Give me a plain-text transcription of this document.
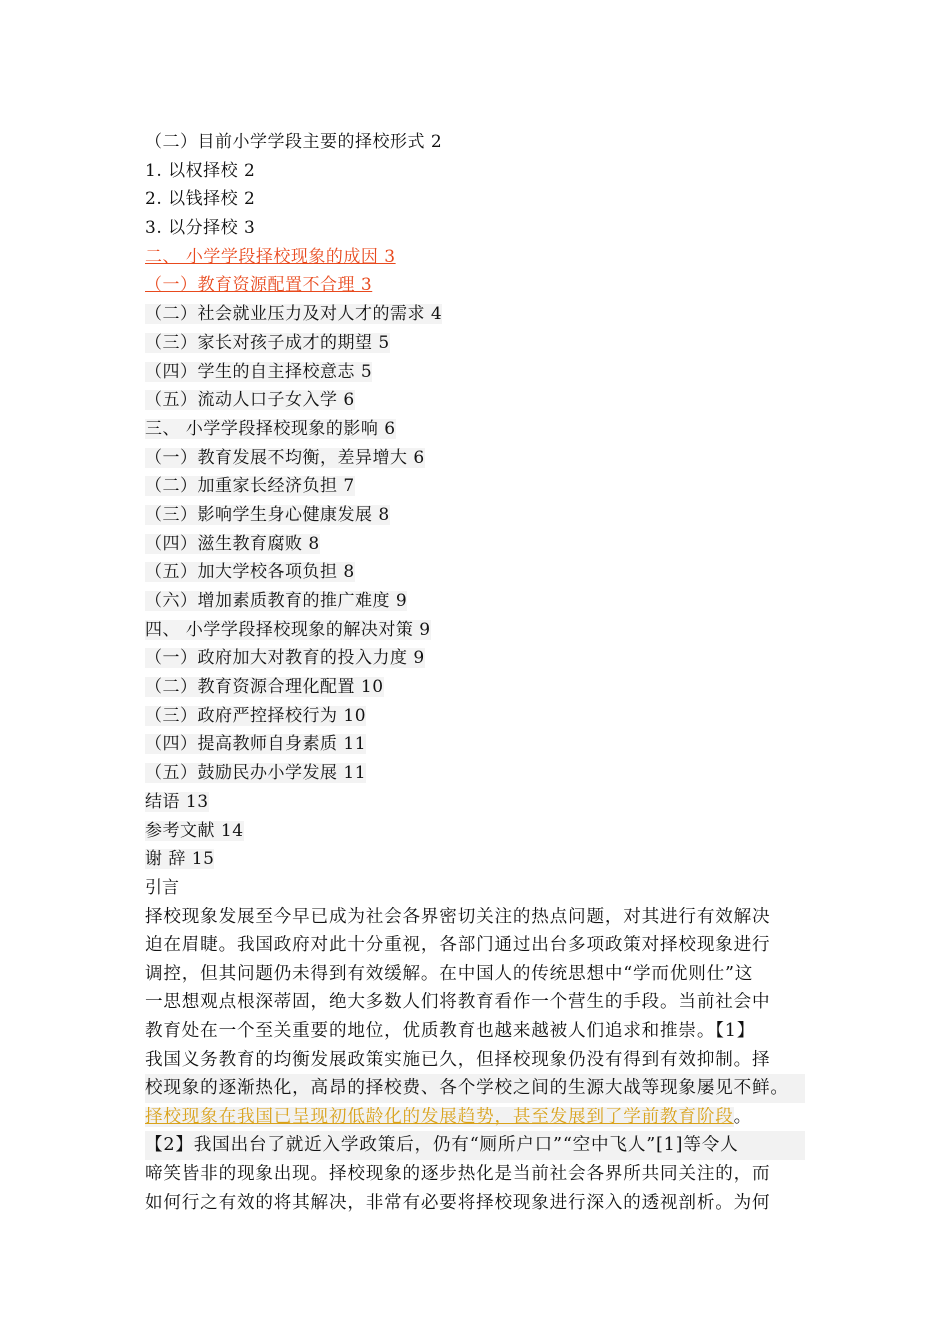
（二）目前小学学段主要的择校形式 2
1. 以权择校 2
2. 以钱择校 2
3. 以分择校 3
二、 小学学段择校现象的成因 3
（一）教育资源配置不合理 3
（二）社会就业压力及对人才的需求 4
（三）家长对孩子成才的期望 5
（四）学生的自主择校意志 5
（五）流动人口子女入学 6
三、 小学学段择校现象的影响 6
（一）教育发展不均衡，差异增大 6
（二）加重家长经济负担 7
（三）影响学生身心健康发展 8
（四）滋生教育腐败 8
（五）加大学校各项负担 8
（六）增加素质教育的推广难度 9
四、 小学学段择校现象的解决对策 9
（一）政府加大对教育的投入力度 9
（二）教育资源合理化配置 10
（三）政府严控择校行为 10
（四）提高教师自身素质 11
（五）鼓励民办小学发展 11
结语 13
参考文献 14
谢 辞 15
引言
择校现象发展至今早已成为社会各界密切关注的热点问题，对其进行有效解决
迫在眉睫。我国政府对此十分重视，各部门通过出台多项政策对择校现象进行
调控，但其问题仍未得到有效缓解。在中国人的传统思想中“学而优则仕”这
一思想观点根深蒂固，绝大多数人们将教育看作一个营生的手段。当前社会中
教育处在一个至关重要的地位，优质教育也越来越被人们追求和推崇。【1】
我国义务教育的均衡发展政策实施已久，但择校现象仍没有得到有效抑制。择
校现象的逐渐热化，高昂的择校费、各个学校之间的生源大战等现象屡见不鲜。
择校现象在我国已呈现初低龄化的发展趋势，甚至发展到了学前教育阶段。
【2】我国出台了就近入学政策后，仍有“厕所户口”“空中飞人”[1]等令人
啼笑皆非的现象出现。择校现象的逐步热化是当前社会各界所共同关注的，而
如何行之有效的将其解决，非常有必要将择校现象进行深入的透视剖析。为何
